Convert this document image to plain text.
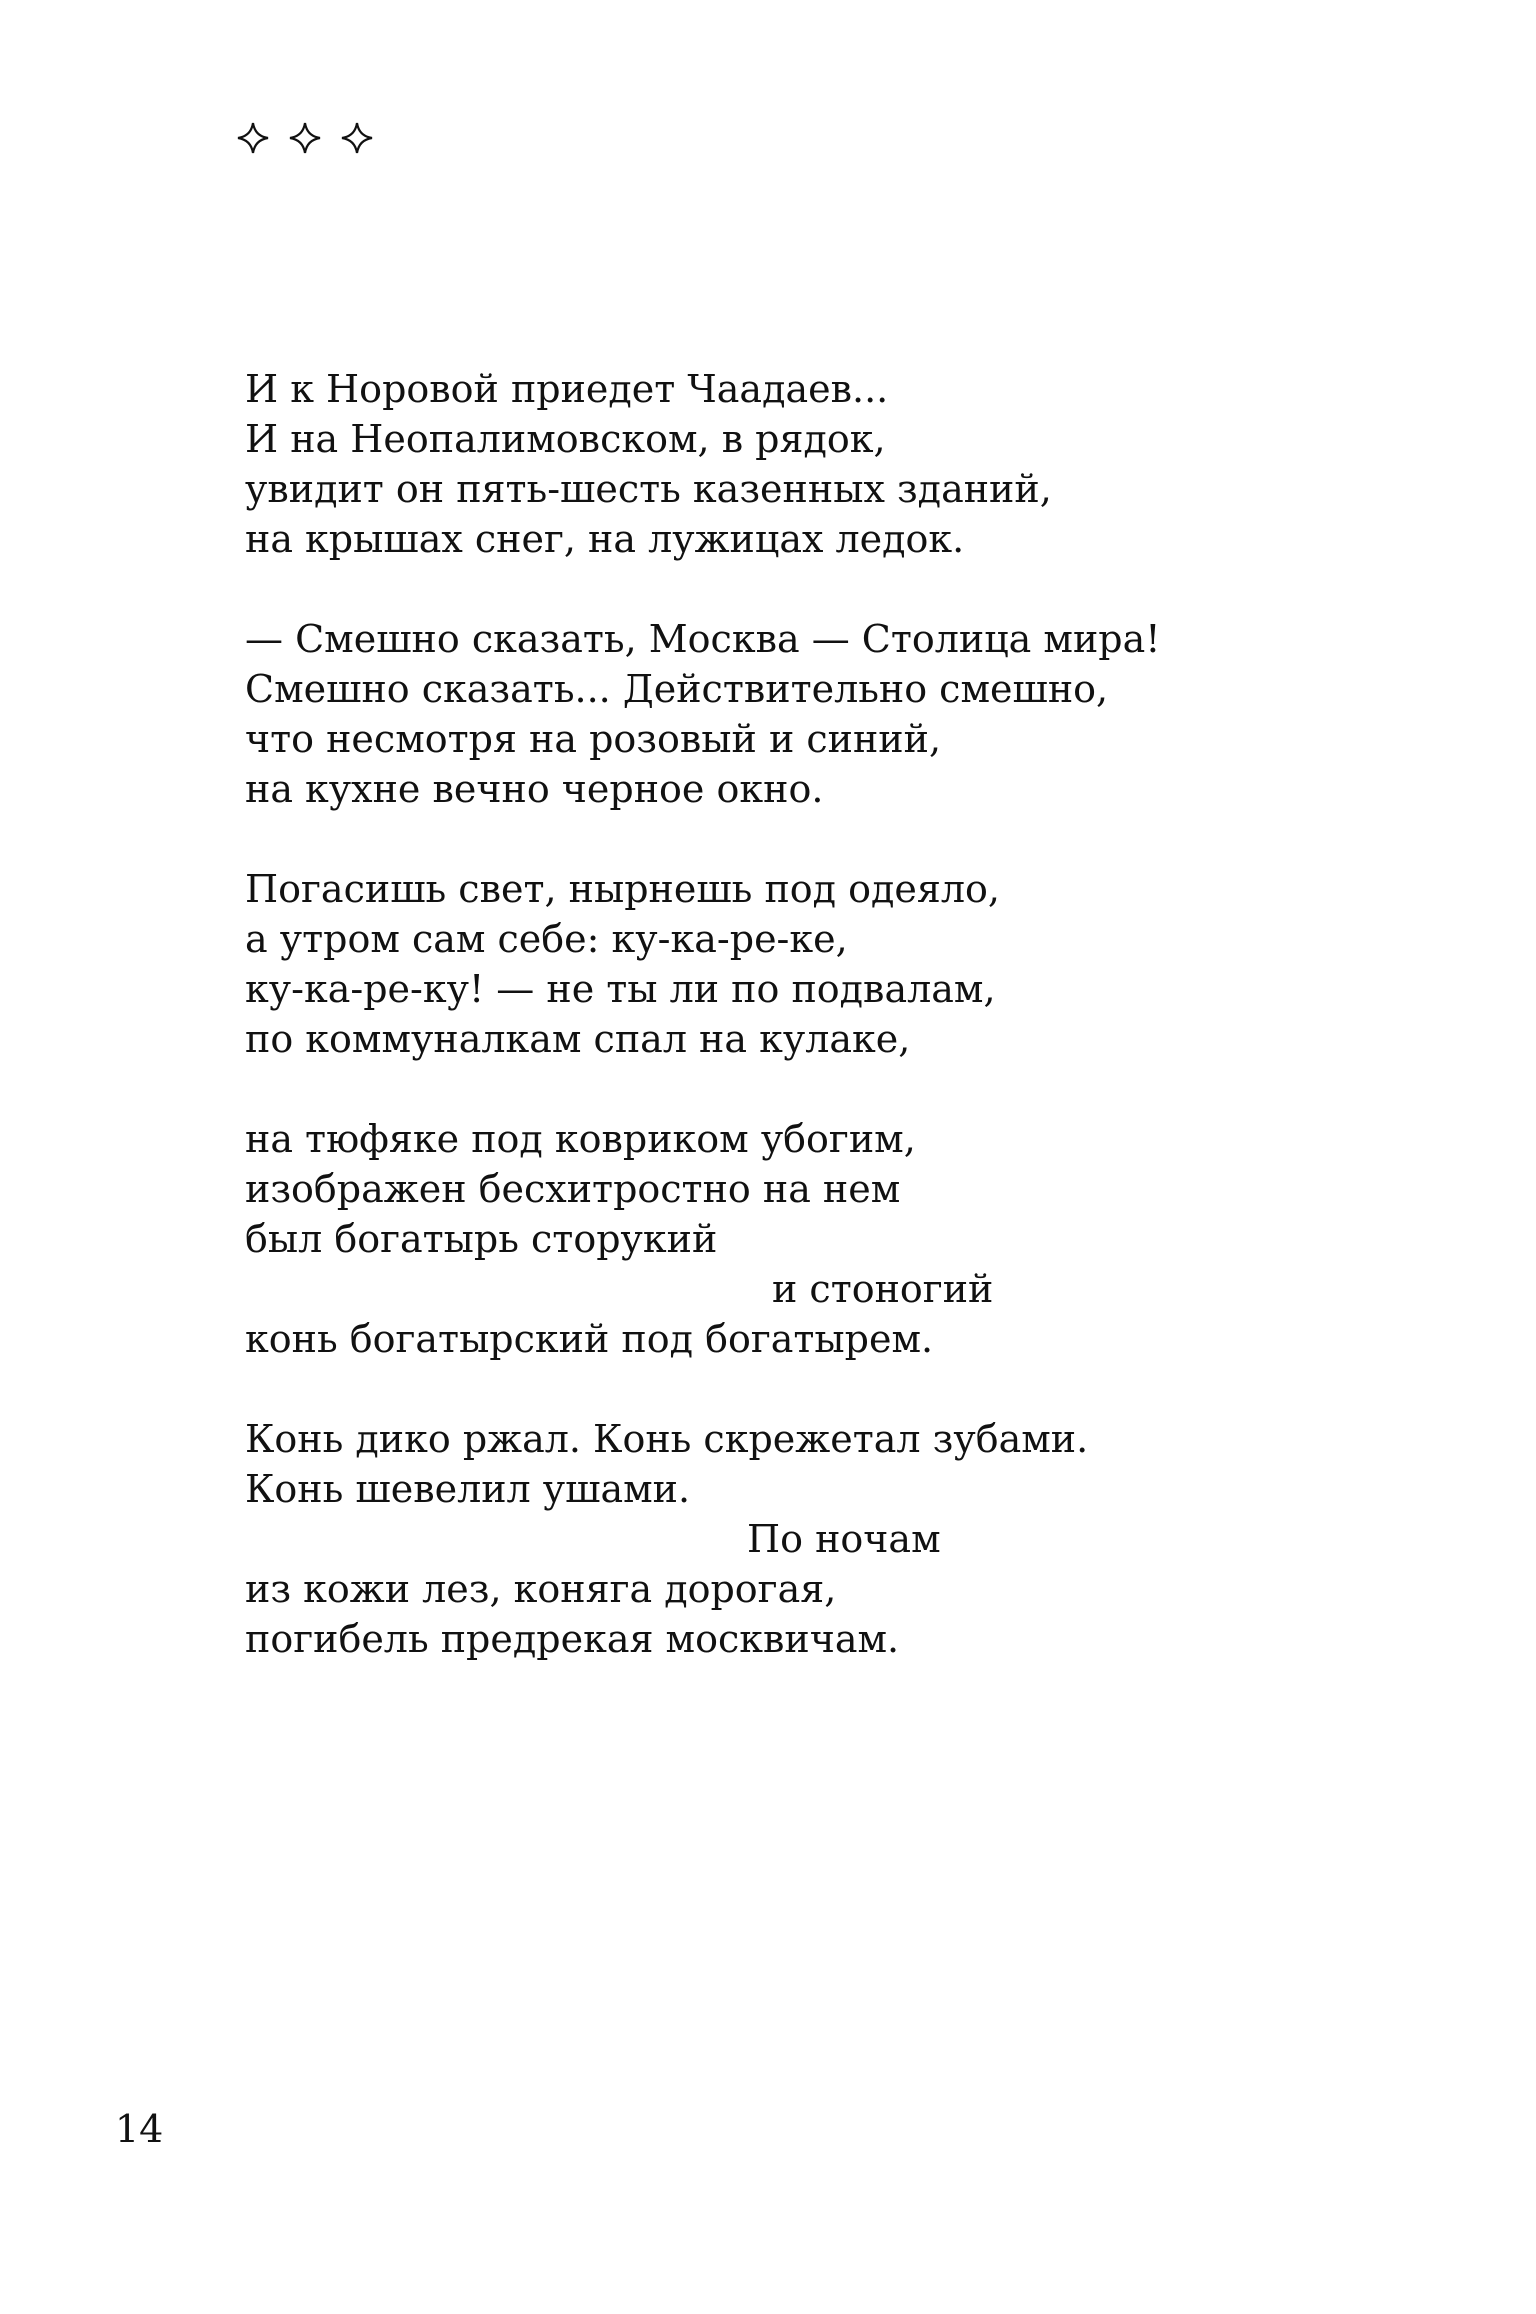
И к Норовой приедет Чаадаев...

И на Неопалимовском, в рядок,

увидит он пять-шесть казенных зданий,

на крышах снег, на лужицах ледок.

— Смешно сказать, Москва — Столица мира!

Смешно сказать... Действительно смешно,

что несмотря на розовый и синий,

на кухне вечно черное окно.

Погасишь свет, нырнешь под одеяло,

а утром сам себе: ку-ка-ре-ке,

ку-ка-ре-ку! — не ты ли по подвалам,

по коммуналкам спал на кулаке,

на тюфяке под ковриком убогим,

изображен бесхитростно на нем

был богатырь сторукий

и стоногий

конь богатырский под богатырем.

Конь дико ржал. Конь скрежетал зубами.

Конь шевелил ушами.

По ночам

из кожи лез, коняга дорогая,

погибель предрекая москвичам.

14
